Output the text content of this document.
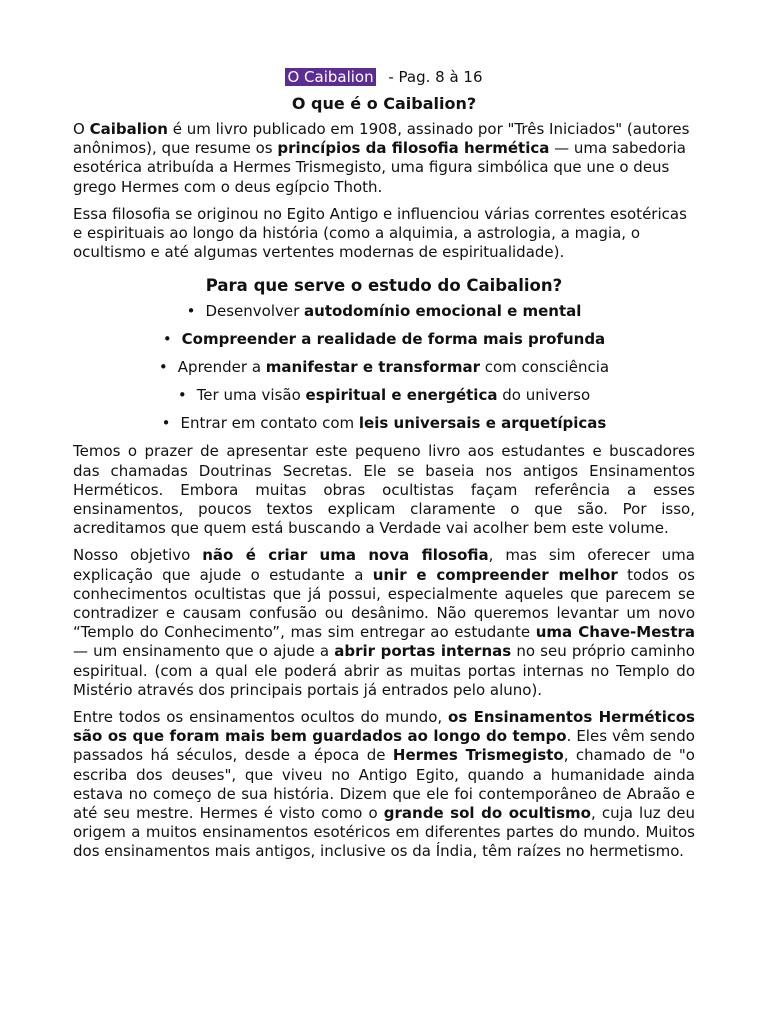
O Caibalion - Pag. 8 à 16
O que é o Caibalion?

O Caibalion é um livro publicado em 1908, assinado por "Três Iniciados" (autores anônimos), que resume os princípios da filosofia hermética — uma sabedoria esotérica atribuída a Hermes Trismegisto, uma figura simbólica que une o deus grego Hermes com o deus egípcio Thoth.

Essa filosofia se originou no Egito Antigo e influenciou várias correntes esotéricas e espirituais ao longo da história (como a alquimia, a astrologia, a magia, o ocultismo e até algumas vertentes modernas de espiritualidade).

Para que serve o estudo do Caibalion?
• Desenvolver autodomínio emocional e mental
• Compreender a realidade de forma mais profunda
• Aprender a manifestar e transformar com consciência
• Ter uma visão espiritual e energética do universo
• Entrar em contato com leis universais e arquetípicas

Temos o prazer de apresentar este pequeno livro aos estudantes e buscadores das chamadas Doutrinas Secretas. Ele se baseia nos antigos Ensinamentos Herméticos. Embora muitas obras ocultistas façam referência a esses ensinamentos, poucos textos explicam claramente o que são. Por isso, acreditamos que quem está buscando a Verdade vai acolher bem este volume.

Nosso objetivo não é criar uma nova filosofia, mas sim oferecer uma explicação que ajude o estudante a unir e compreender melhor todos os conhecimentos ocultistas que já possui, especialmente aqueles que parecem se contradizer e causam confusão ou desânimo. Não queremos levantar um novo “Templo do Conhecimento”, mas sim entregar ao estudante uma Chave-Mestra — um ensinamento que o ajude a abrir portas internas no seu próprio caminho espiritual. (com a qual ele poderá abrir as muitas portas internas no Templo do Mistério através dos principais portais já entrados pelo aluno).

Entre todos os ensinamentos ocultos do mundo, os Ensinamentos Herméticos são os que foram mais bem guardados ao longo do tempo. Eles vêm sendo passados há séculos, desde a época de Hermes Trismegisto, chamado de "o escriba dos deuses", que viveu no Antigo Egito, quando a humanidade ainda estava no começo de sua história. Dizem que ele foi contemporâneo de Abraão e até seu mestre. Hermes é visto como o grande sol do ocultismo, cuja luz deu origem a muitos ensinamentos esotéricos em diferentes partes do mundo. Muitos dos ensinamentos mais antigos, inclusive os da Índia, têm raízes no hermetismo.
